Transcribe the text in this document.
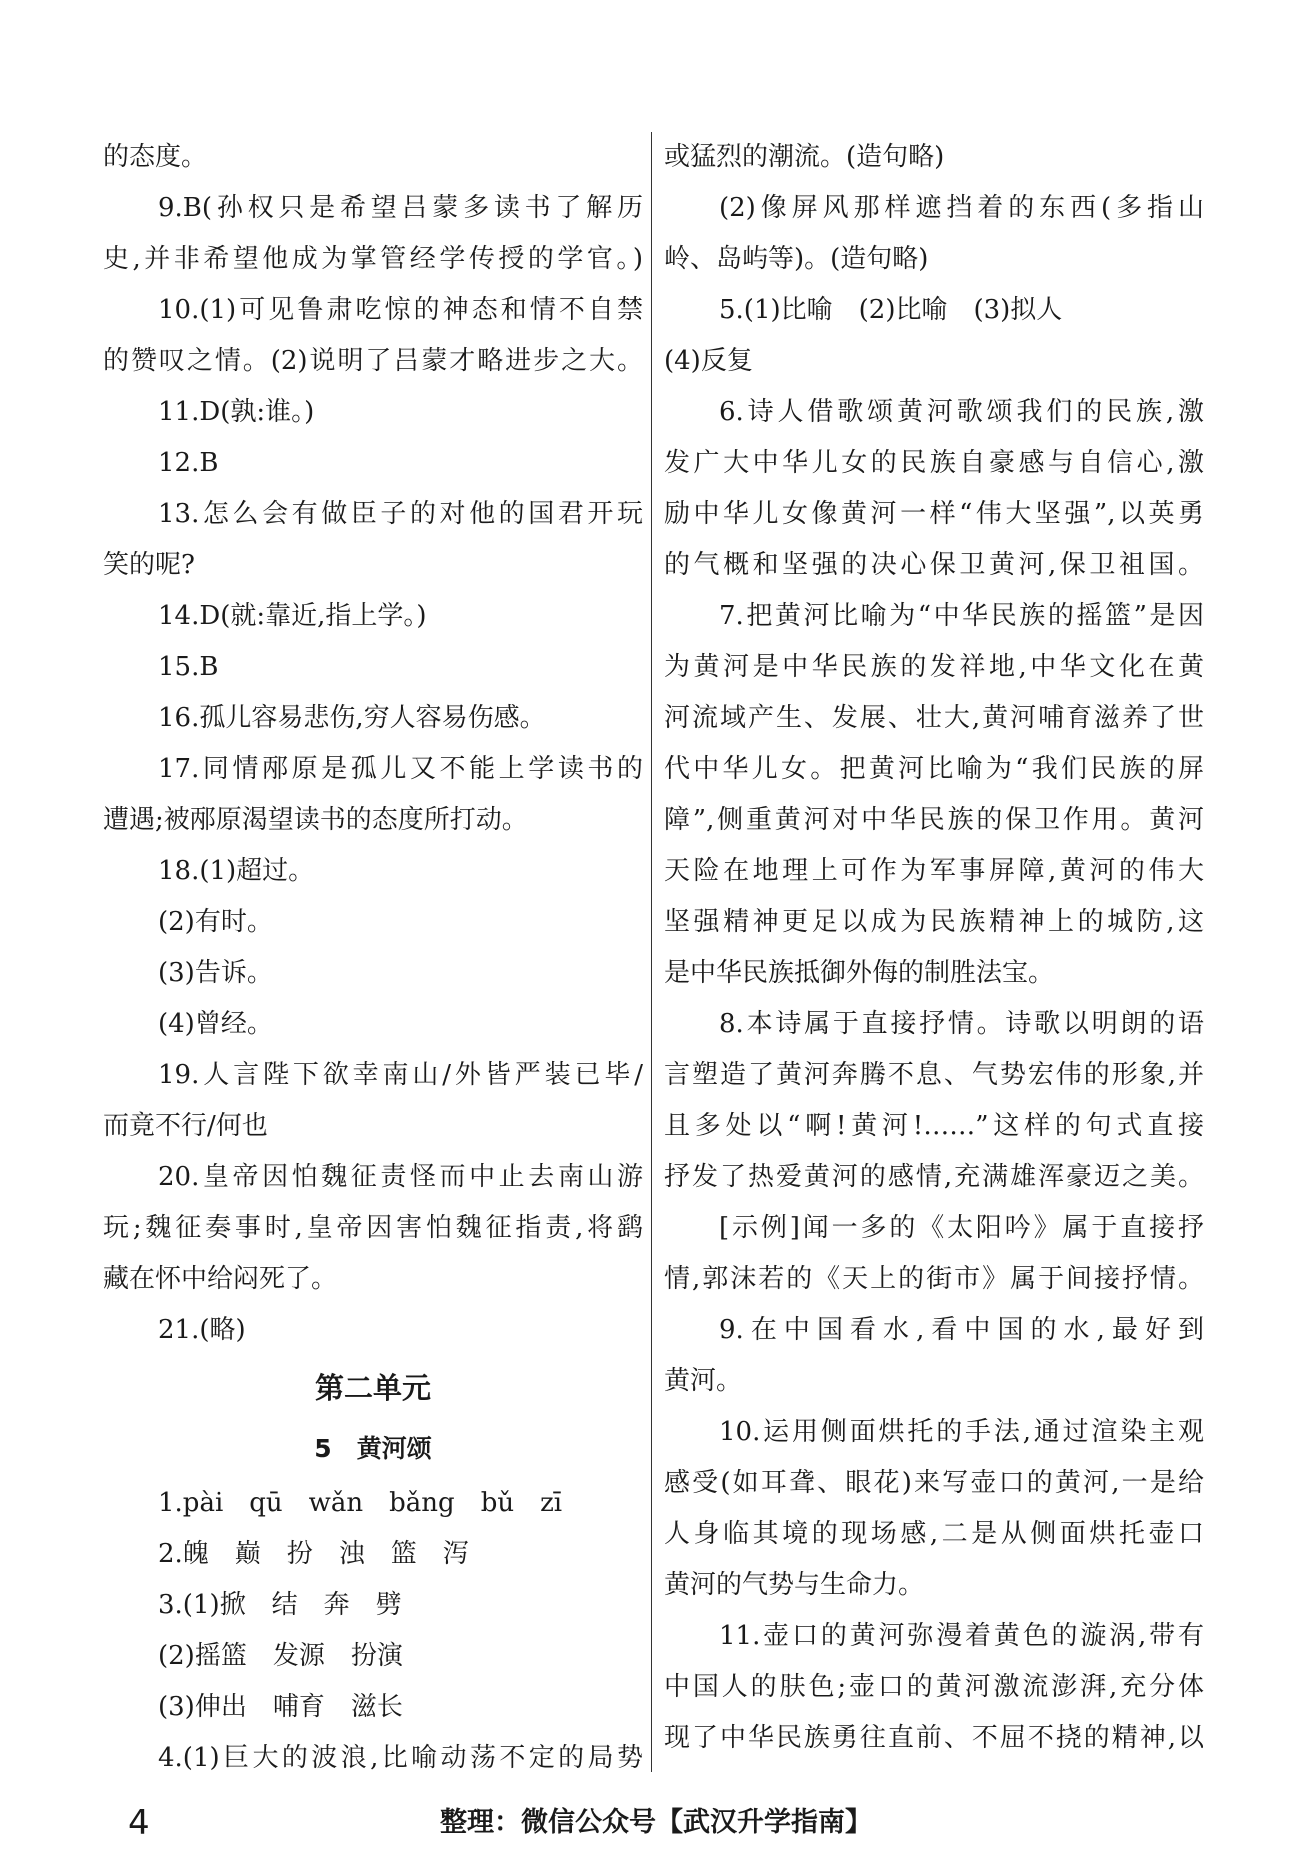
的态度。
9.B(孙权只是希望吕蒙多读书了解历
史,并非希望他成为掌管经学传授的学官。)
10.(1)可见鲁肃吃惊的神态和情不自禁
的赞叹之情。(2)说明了吕蒙才略进步之大。
11.D(孰:谁。)
12.B
13.怎么会有做臣子的对他的国君开玩
笑的呢?
14.D(就:靠近,指上学。)
15.B
16.孤儿容易悲伤,穷人容易伤感。
17.同情邴原是孤儿又不能上学读书的
遭遇;被邴原渴望读书的态度所打动。
18.(1)超过。
(2)有时。
(3)告诉。
(4)曾经。
19.人言陛下欲幸南山/外皆严装已毕/
而竟不行/何也
20.皇帝因怕魏征责怪而中止去南山游
玩;魏征奏事时,皇帝因害怕魏征指责,将鹞
藏在怀中给闷死了。
21.(略)
第二单元
5　黄河颂
1.pài　qū　wǎn　bǎng　bǔ　zī
2.魄　巅　扮　浊　篮　泻
3.(1)掀　结　奔　劈
(2)摇篮　发源　扮演
(3)伸出　哺育　滋长
4.(1)巨大的波浪,比喻动荡不定的局势
或猛烈的潮流。(造句略)
(2)像屏风那样遮挡着的东西(多指山
岭、岛屿等)。(造句略)
5.(1)比喻　(2)比喻　(3)拟人
(4)反复
6.诗人借歌颂黄河歌颂我们的民族,激
发广大中华儿女的民族自豪感与自信心,激
励中华儿女像黄河一样“伟大坚强”,以英勇
的气概和坚强的决心保卫黄河,保卫祖国。
7.把黄河比喻为“中华民族的摇篮”是因
为黄河是中华民族的发祥地,中华文化在黄
河流域产生、发展、壮大,黄河哺育滋养了世
代中华儿女。把黄河比喻为“我们民族的屏
障”,侧重黄河对中华民族的保卫作用。黄河
天险在地理上可作为军事屏障,黄河的伟大
坚强精神更足以成为民族精神上的城防,这
是中华民族抵御外侮的制胜法宝。
8.本诗属于直接抒情。诗歌以明朗的语
言塑造了黄河奔腾不息、气势宏伟的形象,并
且多处以“啊!黄河!……”这样的句式直接
抒发了热爱黄河的感情,充满雄浑豪迈之美。
[示例]闻一多的《太阳吟》属于直接抒
情,郭沫若的《天上的街市》属于间接抒情。
9.在中国看水,看中国的水,最好到
黄河。
10.运用侧面烘托的手法,通过渲染主观
感受(如耳聋、眼花)来写壶口的黄河,一是给
人身临其境的现场感,二是从侧面烘托壶口
黄河的气势与生命力。
11.壶口的黄河弥漫着黄色的漩涡,带有
中国人的肤色;壶口的黄河激流澎湃,充分体
现了中华民族勇往直前、不屈不挠的精神,以
4	整理：微信公众号【武汉升学指南】
